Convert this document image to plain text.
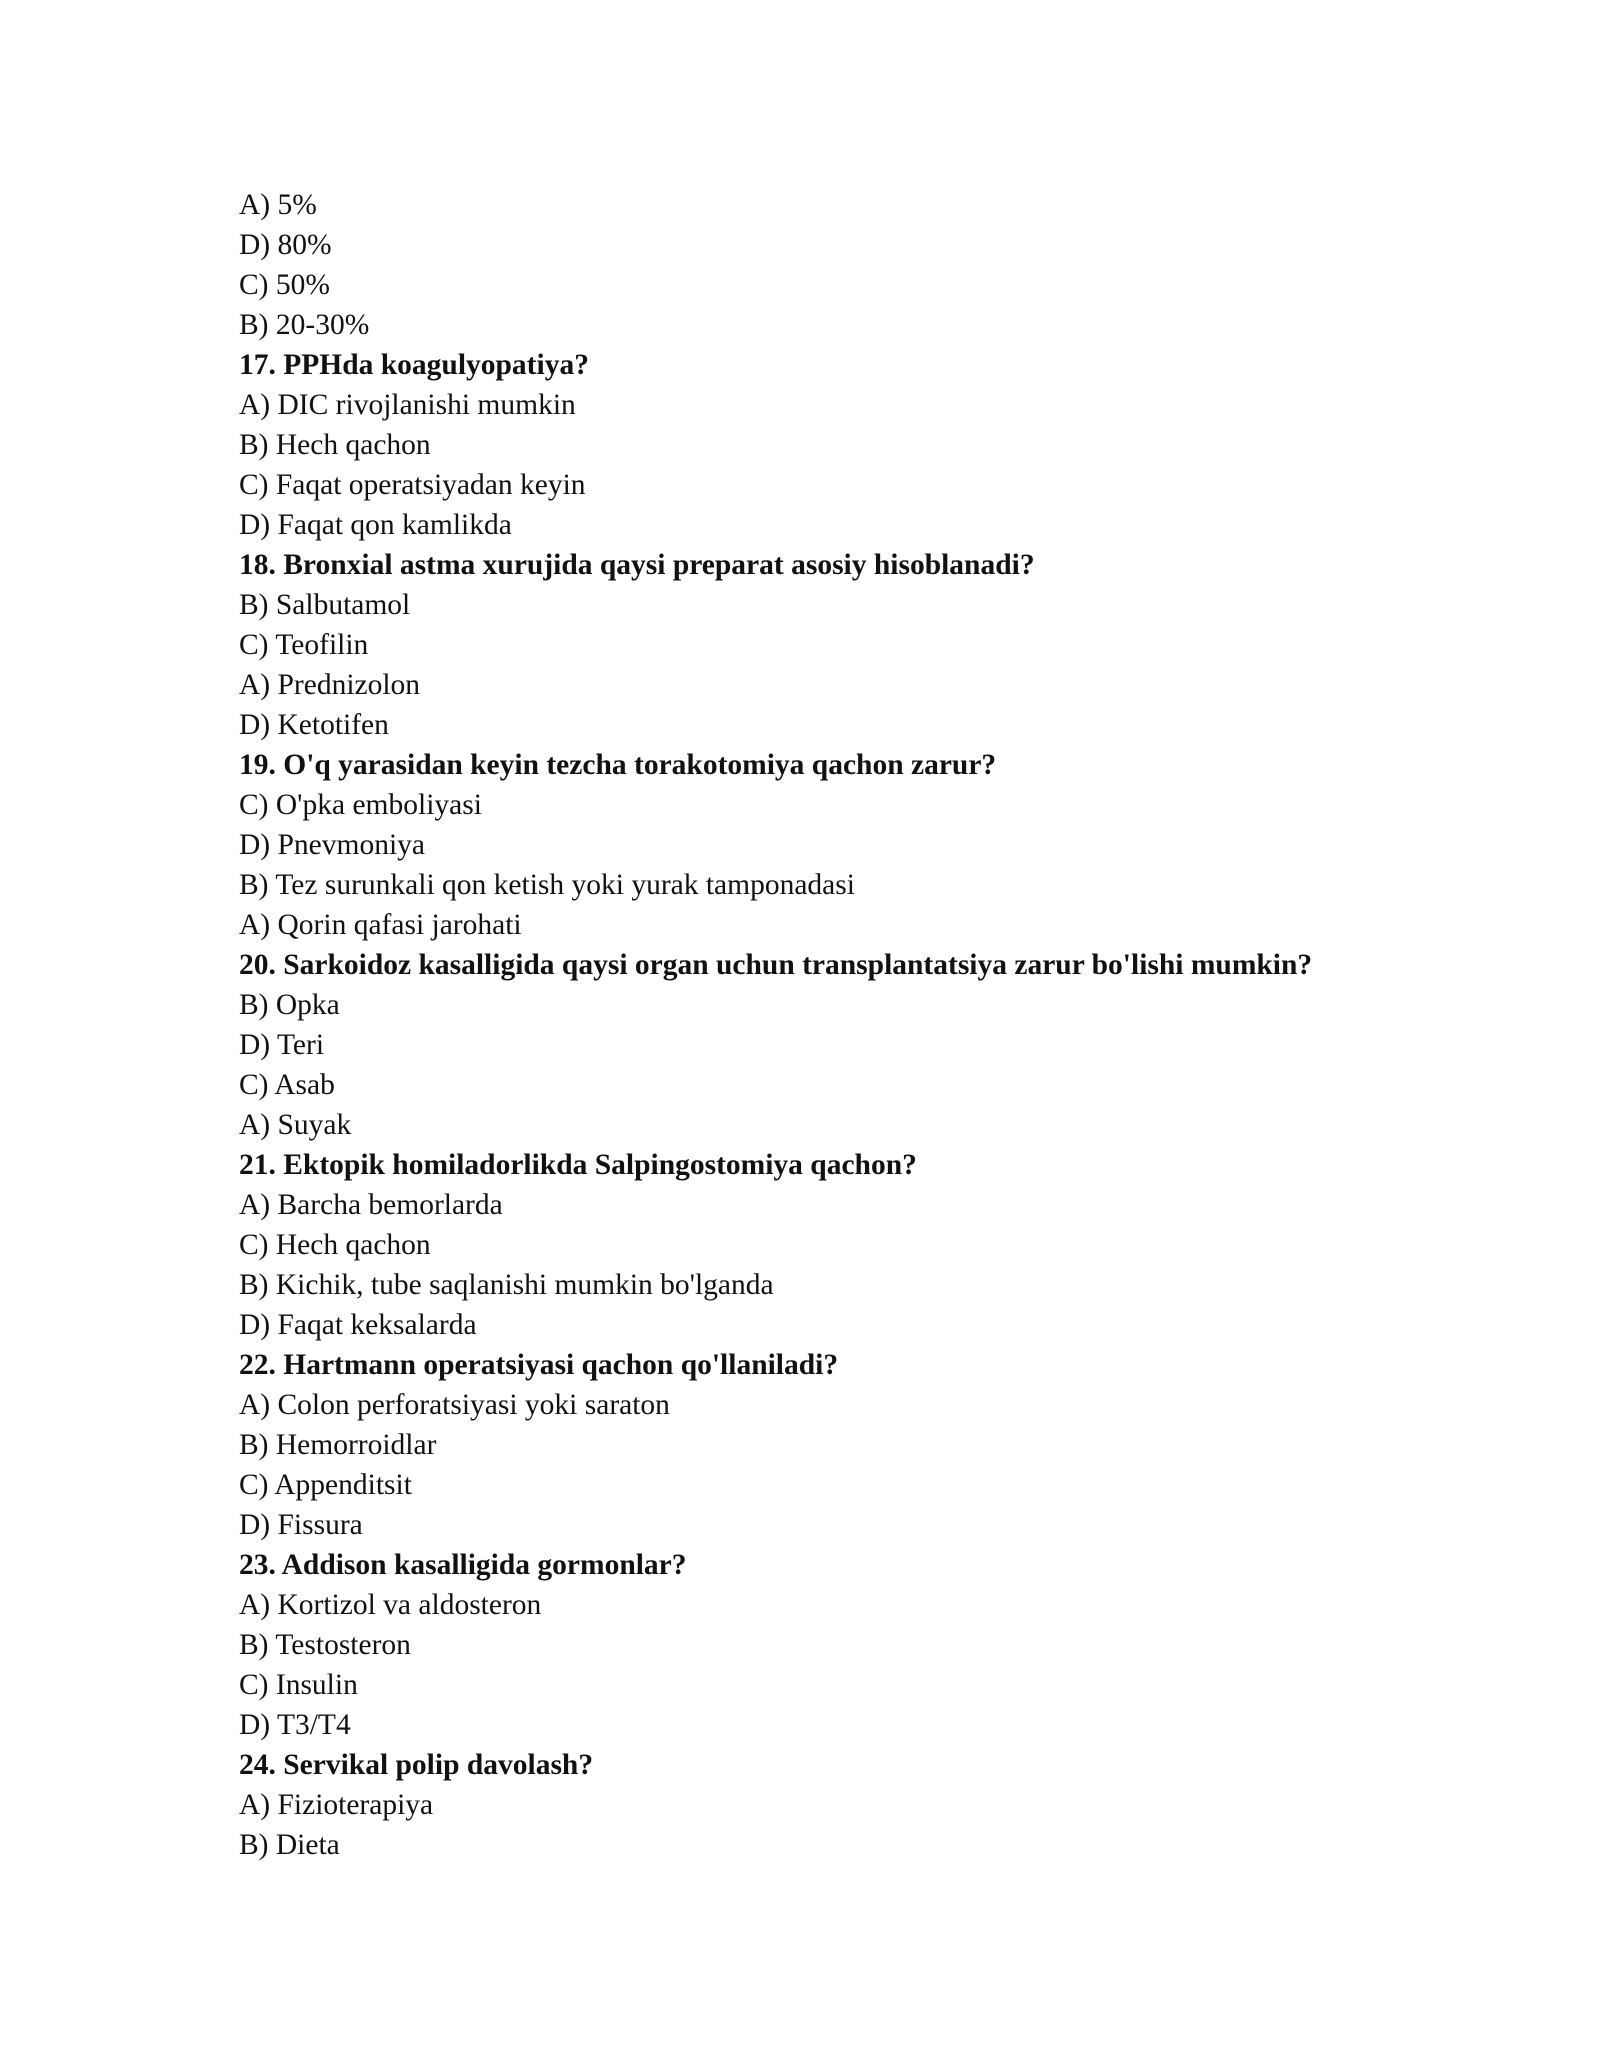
A) 5%
D) 80%
C) 50%
B) 20-30%
17. PPHda koagulyopatiya?
A) DIC rivojlanishi mumkin
B) Hech qachon
C) Faqat operatsiyadan keyin
D) Faqat qon kamlikda
18. Bronxial astma xurujida qaysi preparat asosiy hisoblanadi?
B) Salbutamol
C) Teofilin
A) Prednizolon
D) Ketotifen
19. O'q yarasidan keyin tezcha torakotomiya qachon zarur?
C) O'pka emboliyasi
D) Pnevmoniya
B) Tez surunkali qon ketish yoki yurak tamponadasi
A) Qorin qafasi jarohati
20. Sarkoidoz kasalligida qaysi organ uchun transplantatsiya zarur bo'lishi mumkin?
B) Opka
D) Teri
C) Asab
A) Suyak
21. Ektopik homiladorlikda Salpingostomiya qachon?
A) Barcha bemorlarda
C) Hech qachon
B) Kichik, tube saqlanishi mumkin bo'lganda
D) Faqat keksalarda
22. Hartmann operatsiyasi qachon qo'llaniladi?
A) Colon perforatsiyasi yoki saraton
B) Hemorroidlar
C) Appenditsit
D) Fissura
23. Addison kasalligida gormonlar?
A) Kortizol va aldosteron
B) Testosteron
C) Insulin
D) T3/T4
24. Servikal polip davolash?
A) Fizioterapiya
B) Dieta
